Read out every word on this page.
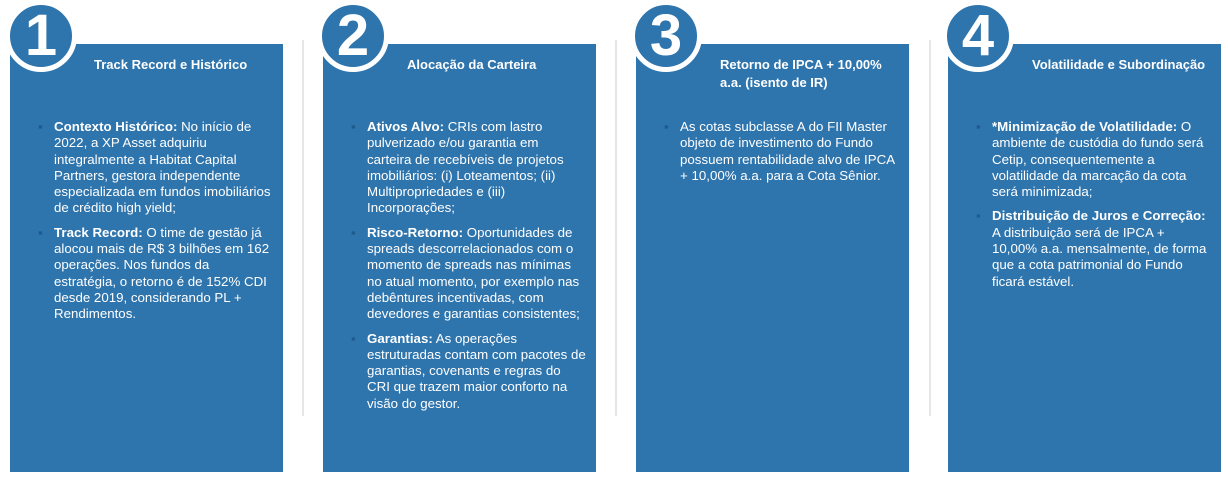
Track Record e Histórico
▪ Contexto Histórico: No início de 2022, a XP Asset adquiriu integralmente a Habitat Capital Partners, gestora independente especializada em fundos imobiliários de crédito high yield;
▪ Track Record: O time de gestão já alocou mais de R$ 3 bilhões em 162 operações. Nos fundos da estratégia, o retorno é de 152% CDI desde 2019, considerando PL + Rendimentos.
Alocação da Carteira
▪ Ativos Alvo: CRIs com lastro pulverizado e/ou garantia em carteira de recebíveis de projetos imobiliários: (i) Loteamentos; (ii) Multipropriedades e (iii) Incorporações;
▪ Risco-Retorno: Oportunidades de spreads descorrelacionados com o momento de spreads nas mínimas no atual momento, por exemplo nas debêntures incentivadas, com devedores e garantias consistentes;
▪ Garantias: As operações estruturadas contam com pacotes de garantias, covenants e regras do CRI que trazem maior conforto na visão do gestor.
Retorno de IPCA + 10,00% a.a. (isento de IR)
▪ As cotas subclasse A do FII Master objeto de investimento do Fundo possuem rentabilidade alvo de IPCA + 10,00% a.a. para a Cota Sênior.
Volatilidade e Subordinação
▪ *Minimização de Volatilidade: O ambiente de custódia do fundo será Cetip, consequentemente a volatilidade da marcação da cota será minimizada;
▪ Distribuição de Juros e Correção: A distribuição será de IPCA + 10,00% a.a. mensalmente, de forma que a cota patrimonial do Fundo ficará estável.
1	2	3	4
